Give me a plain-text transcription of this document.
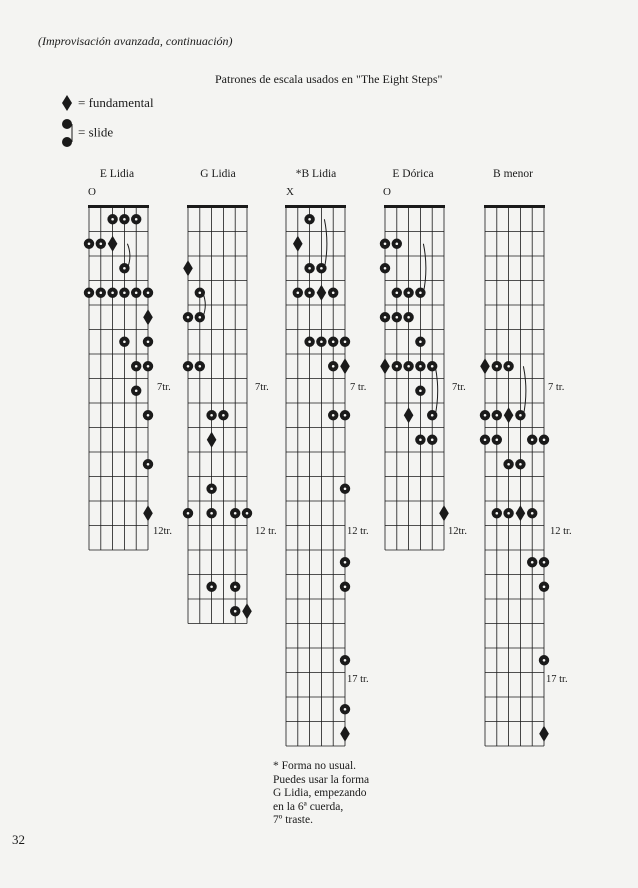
(Improvisación avanzada, continuación)
Patrones de escala usados en "The Eight Steps"
= fundamental
= slide
E Lidia	G Lidia	*B Lidia	E Dórica	B menor
O	X	O
7tr.
12tr.
7tr.
12 tr.
7 tr.
12 tr.
17 tr.
7tr.
12tr.
7 tr.
12 tr.
17 tr.
* Forma no usual.
Puedes usar la forma
G Lidia, empezando
en la 6ª cuerda,
7º traste.
32
